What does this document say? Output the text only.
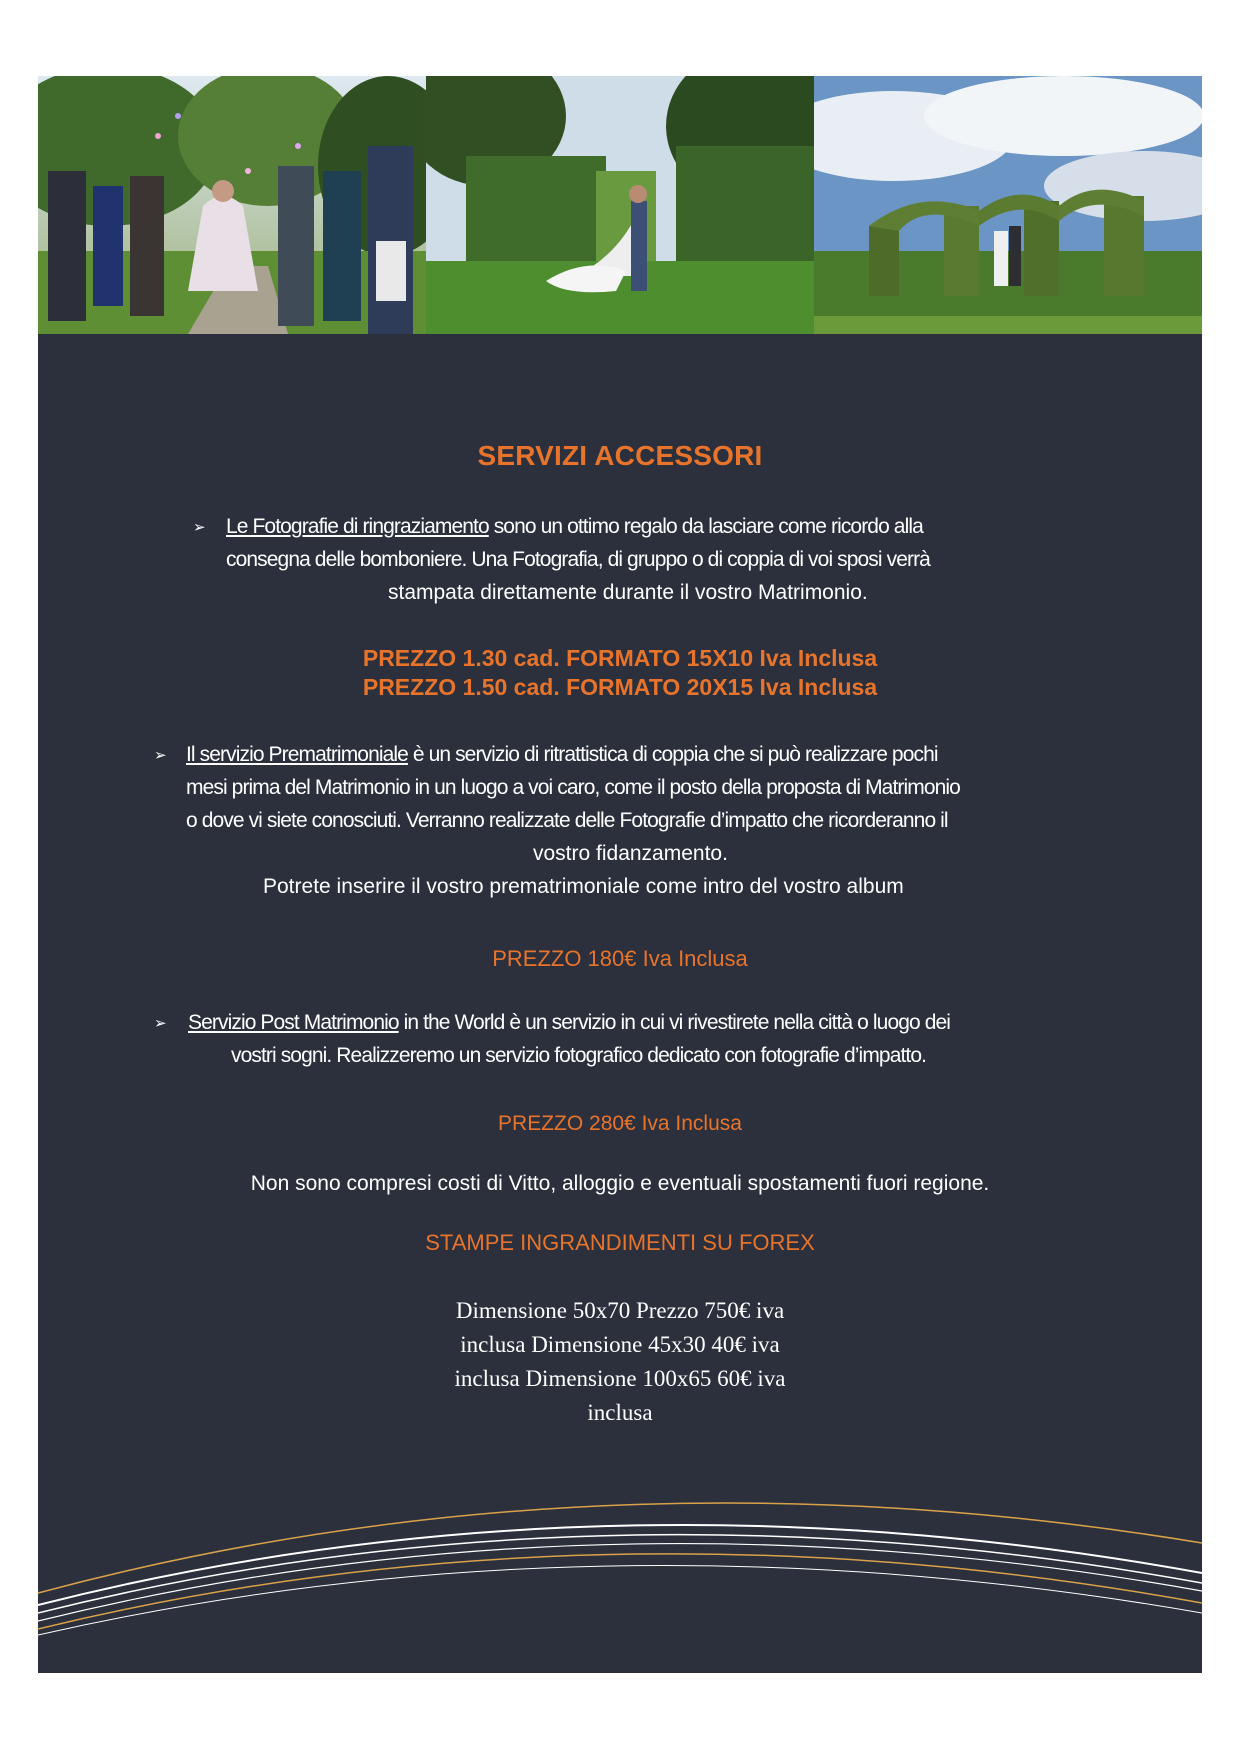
SERVIZI ACCESSORI
➢ Le Fotografie di ringraziamento sono un ottimo regalo da lasciare come ricordo alla
consegna delle bomboniere. Una Fotografia, di gruppo o di coppia di voi sposi verrà
stampata direttamente durante il vostro Matrimonio.
PREZZO 1.30 cad. FORMATO 15X10 Iva Inclusa
PREZZO 1.50 cad. FORMATO 20X15 Iva Inclusa
➢ Il servizio Prematrimoniale è un servizio di ritrattistica di coppia che si può realizzare pochi
mesi prima del Matrimonio in un luogo a voi caro, come il posto della proposta di Matrimonio
o dove vi siete conosciuti. Verranno realizzate delle Fotografie d’impatto che ricorderanno il
vostro fidanzamento.
Potrete inserire il vostro prematrimoniale come intro del vostro album
PREZZO 180€ Iva Inclusa
➢ Servizio Post Matrimonio in the World è un servizio in cui vi rivestirete nella città o luogo dei
vostri sogni. Realizzeremo un servizio fotografico dedicato con fotografie d’impatto.
PREZZO 280€ Iva Inclusa
Non sono compresi costi di Vitto, alloggio e eventuali spostamenti fuori regione.
STAMPE INGRANDIMENTI SU FOREX
Dimensione 50x70 Prezzo 750€ iva
inclusa Dimensione 45x30 40€ iva
inclusa Dimensione 100x65 60€ iva
inclusa
